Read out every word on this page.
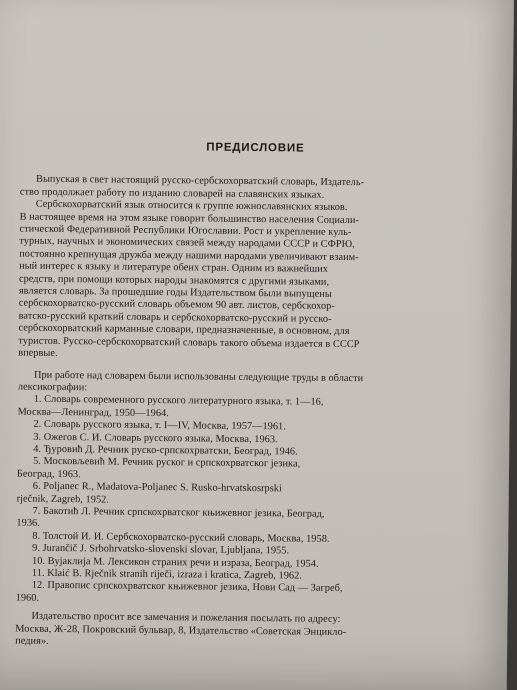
ПРЕДИСЛОВИЕ
Выпуская в свет настоящий русско-сербскохорватский словарь, Издатель-
ство продолжает работу по изданию словарей на славянских языках.
Сербскохорватский язык относится к группе южнославянских языков.
В настоящее время на этом языке говорит большинство населения Социали-
стической Федеративной Республики Югославии. Рост и укрепление куль-
турных, научных и экономических связей между народами СССР и СФРЮ,
постоянно крепнущая дружба между нашими народами увеличивают взаим-
ный интерес к языку и литературе обеих стран. Одним из важнейших
средств, при помощи которых народы знакомятся с другими языками,
является словарь. За прошедшие годы Издательством были выпущены
сербскохорватско-русский словарь объемом 90 авт. листов, сербскохор-
ватско-русский краткий словарь и сербскохорватско-русский и русско-
сербскохорватский карманные словари, предназначенные, в основном, для
туристов. Русско-сербскохорватский словарь такого объема издается в СССР
впервые.
При работе над словарем были использованы следующие труды в области
лексикографии:
1. Словарь современного русского литературного языка, т. 1—16,
Москва—Ленинград, 1950—1964.
2. Словарь русского языка, т. I—IV, Москва, 1957—1961.
3. Ожегов С. И. Словарь русского языка, Москва, 1963.
4. Ђуровић Д. Речник руско-српскохрватски, Београд, 1946.
5. Московљевић М. Речник руског и српскохрватског језика,
Београд, 1963.
6. Poljanec R., Madatova-Poljanec S. Rusko-hrvatskosrpski
rječnik, Zagreb, 1952.
7. Бакотић Л. Речник српскохрватског књижевног језика, Београд,
1936.
8. Толстой И. И. Сербскохорватско-русский словарь, Москва, 1958.
9. Jurančič J. Srbohrvatsko-slovenski slovar, Ljubljana, 1955.
10. Вујаклија М. Лексикон страних речи и израза, Београд, 1954.
11. Klaić B. Rječnik stranih riječi, izraza i kratica, Zagreb, 1962.
12. Правопис српскохрватског књижевног језика, Нови Сад — Загреб,
1960.
Издательство просит все замечания и пожелания посылать по адресу:
Москва, Ж-28, Покровский бульвар, 8, Издательство «Советская Энцикло-
педия».
